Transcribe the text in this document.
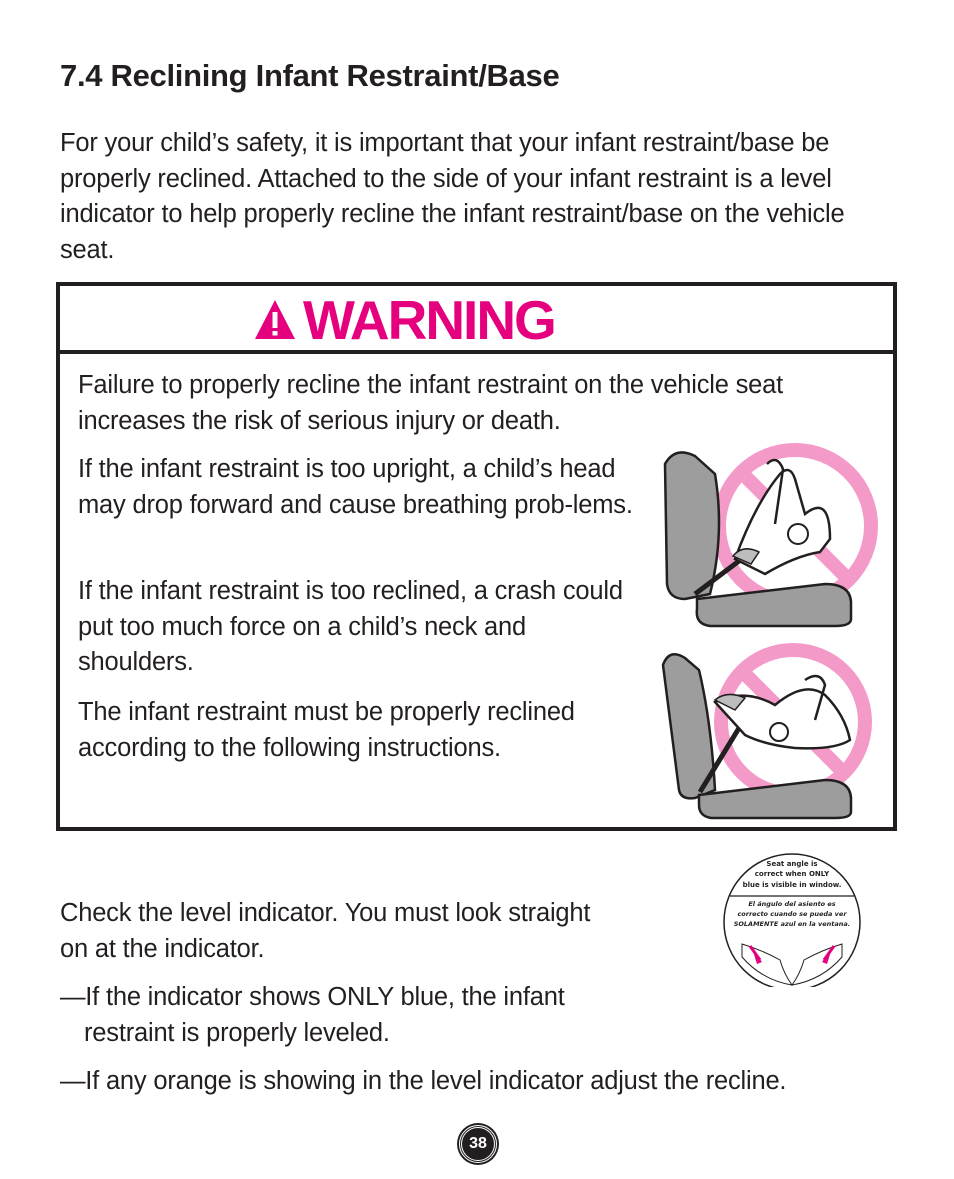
7.4 Reclining Infant Restraint/Base

For your child’s safety, it is important that your infant restraint/base be properly reclined. Attached to the side of your infant restraint is a level indicator to help properly recline the infant restraint/base on the vehicle seat.

WARNING

Failure to properly recline the infant restraint on the vehicle seat increases the risk of serious injury or death.

If the infant restraint is too upright, a child’s head may drop forward and cause breathing prob-lems.

If the infant restraint is too reclined, a crash could put too much force on a child’s neck and shoulders.

The infant restraint must be properly reclined according to the following instructions.

Check the level indicator. You must look straight on at the indicator.

—If the indicator shows ONLY blue, the infant restraint is properly leveled.

—If any orange is showing in the level indicator adjust the recline.

Seat angle is
correct when ONLY
blue is visible in window.
El ángulo del asiento es
correcto cuando se pueda ver
SOLAMENTE azul en la ventana.
38
